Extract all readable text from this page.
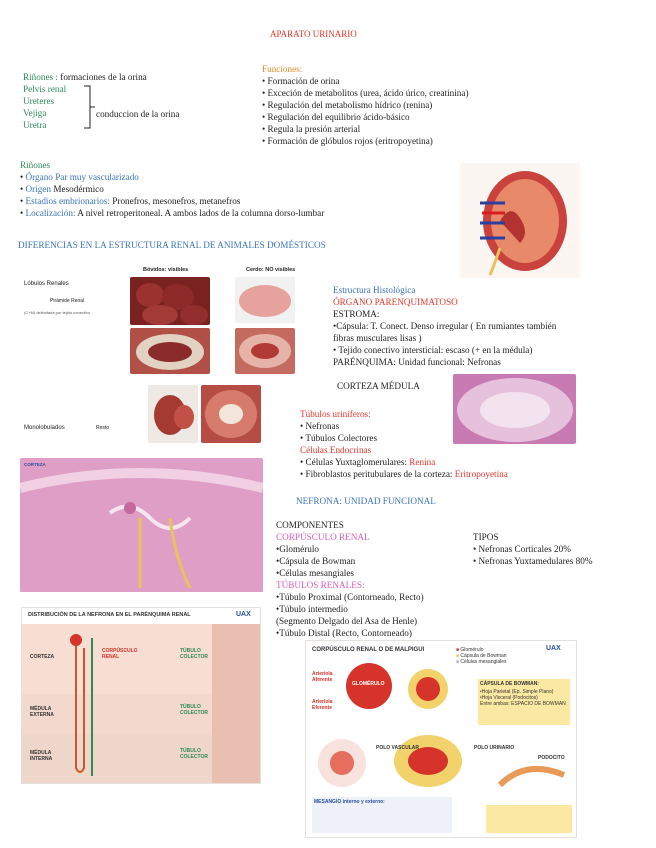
APARATO URINARIO
Riñones : formaciones de la orina
Pelvis renal
Ureteres
Vejiga
Uretra
conduccion de la orina
Funciones:
• Formación de orina
• Exceción de metabolitos (urea, ácido úrico, creatinina)
• Regulación del metabolismo hídrico (renina)
• Regulación del equilibrio ácido-básico
• Regula la presión arterial
• Formación de glóbulos rojos (eritropoyetina)
Riñones
• Órgano Par muy vascularizado
• Origen Mesodérmico
• Estadios embrionarios: Pronefros, mesonefros, metanefros
• Localización: A nivel retroperitoneal. A ambos lados de la columna dorso-lumbar
DIFERENCIAS EN LA ESTRUCTURA RENAL DE ANIMALES DOMÉSTICOS
Lóbulos Renales
Pirámide Renal
(C+M) delimitada por tejido conectivo
Bóvidos: visibles	Cerdo: NO visibles
Monolobulados	Resto
Estructura Histológica
ÓRGANO PARENQUIMATOSO
ESTROMA:
•Cápsula: T. Conect. Denso irregular ( En rumiantes también
fibras musculares lisas )
• Tejido conectivo intersticial: escaso (+ en la médula)
PARÉNQUIMA: Unidad funcional: Nefronas
CORTEZA MÉDULA
Túbulos uriníferos:
• Nefronas
• Túbulos Colectores
Células Endocrinas
• Células Yuxtaglomerulares: Renina
• Fibroblastos peritubulares de la corteza: Eritropoyetina
CORTEZA
NEFRONA: UNIDAD FUNCIONAL
COMPONENTES
CORPÚSCULO RENAL
•Glomérulo
•Cápsula de Bowman
•Células mesangiales
TÚBULOS RENALES:
•Túbulo Proximal (Contorneado, Recto)
•Túbulo intermedio
(Segmento Delgado del Asa de Henle)
•Túbulo Distal (Recto, Contorneado)
TIPOS
• Nefronas Corticales 20%
• Nefronas Yuxtamedulares 80%
DISTRIBUCIÓN DE LA NEFRONA EN EL PARÉNQUIMA RENAL	UAX
CORTEZA
MÉDULA EXTERNA
MÉDULA INTERNA
CORPÚSCULO RENAL
TÚBULO COLECTOR
TÚBULO COLECTOR
TÚBULO COLECTOR
CORPÚSCULO RENAL O DE MALPIGUI	UAX
■ Glomérulo
■ Cápsula de Bowman
■ Células mesangiales
Arteriola Aferente
Arteriola Eferente
GLOMÉRULO	CÁPSULA DE BOWMAN:
•Hoja Parietal (Ep. Simple Plano)
•Hoja Visceral (Podocitos)
Entre ambas: ESPACIO DE BOWMAN
POLO VASCULAR	POLO URINARIO
PODOCITO
MESANGIO interno y externo:
